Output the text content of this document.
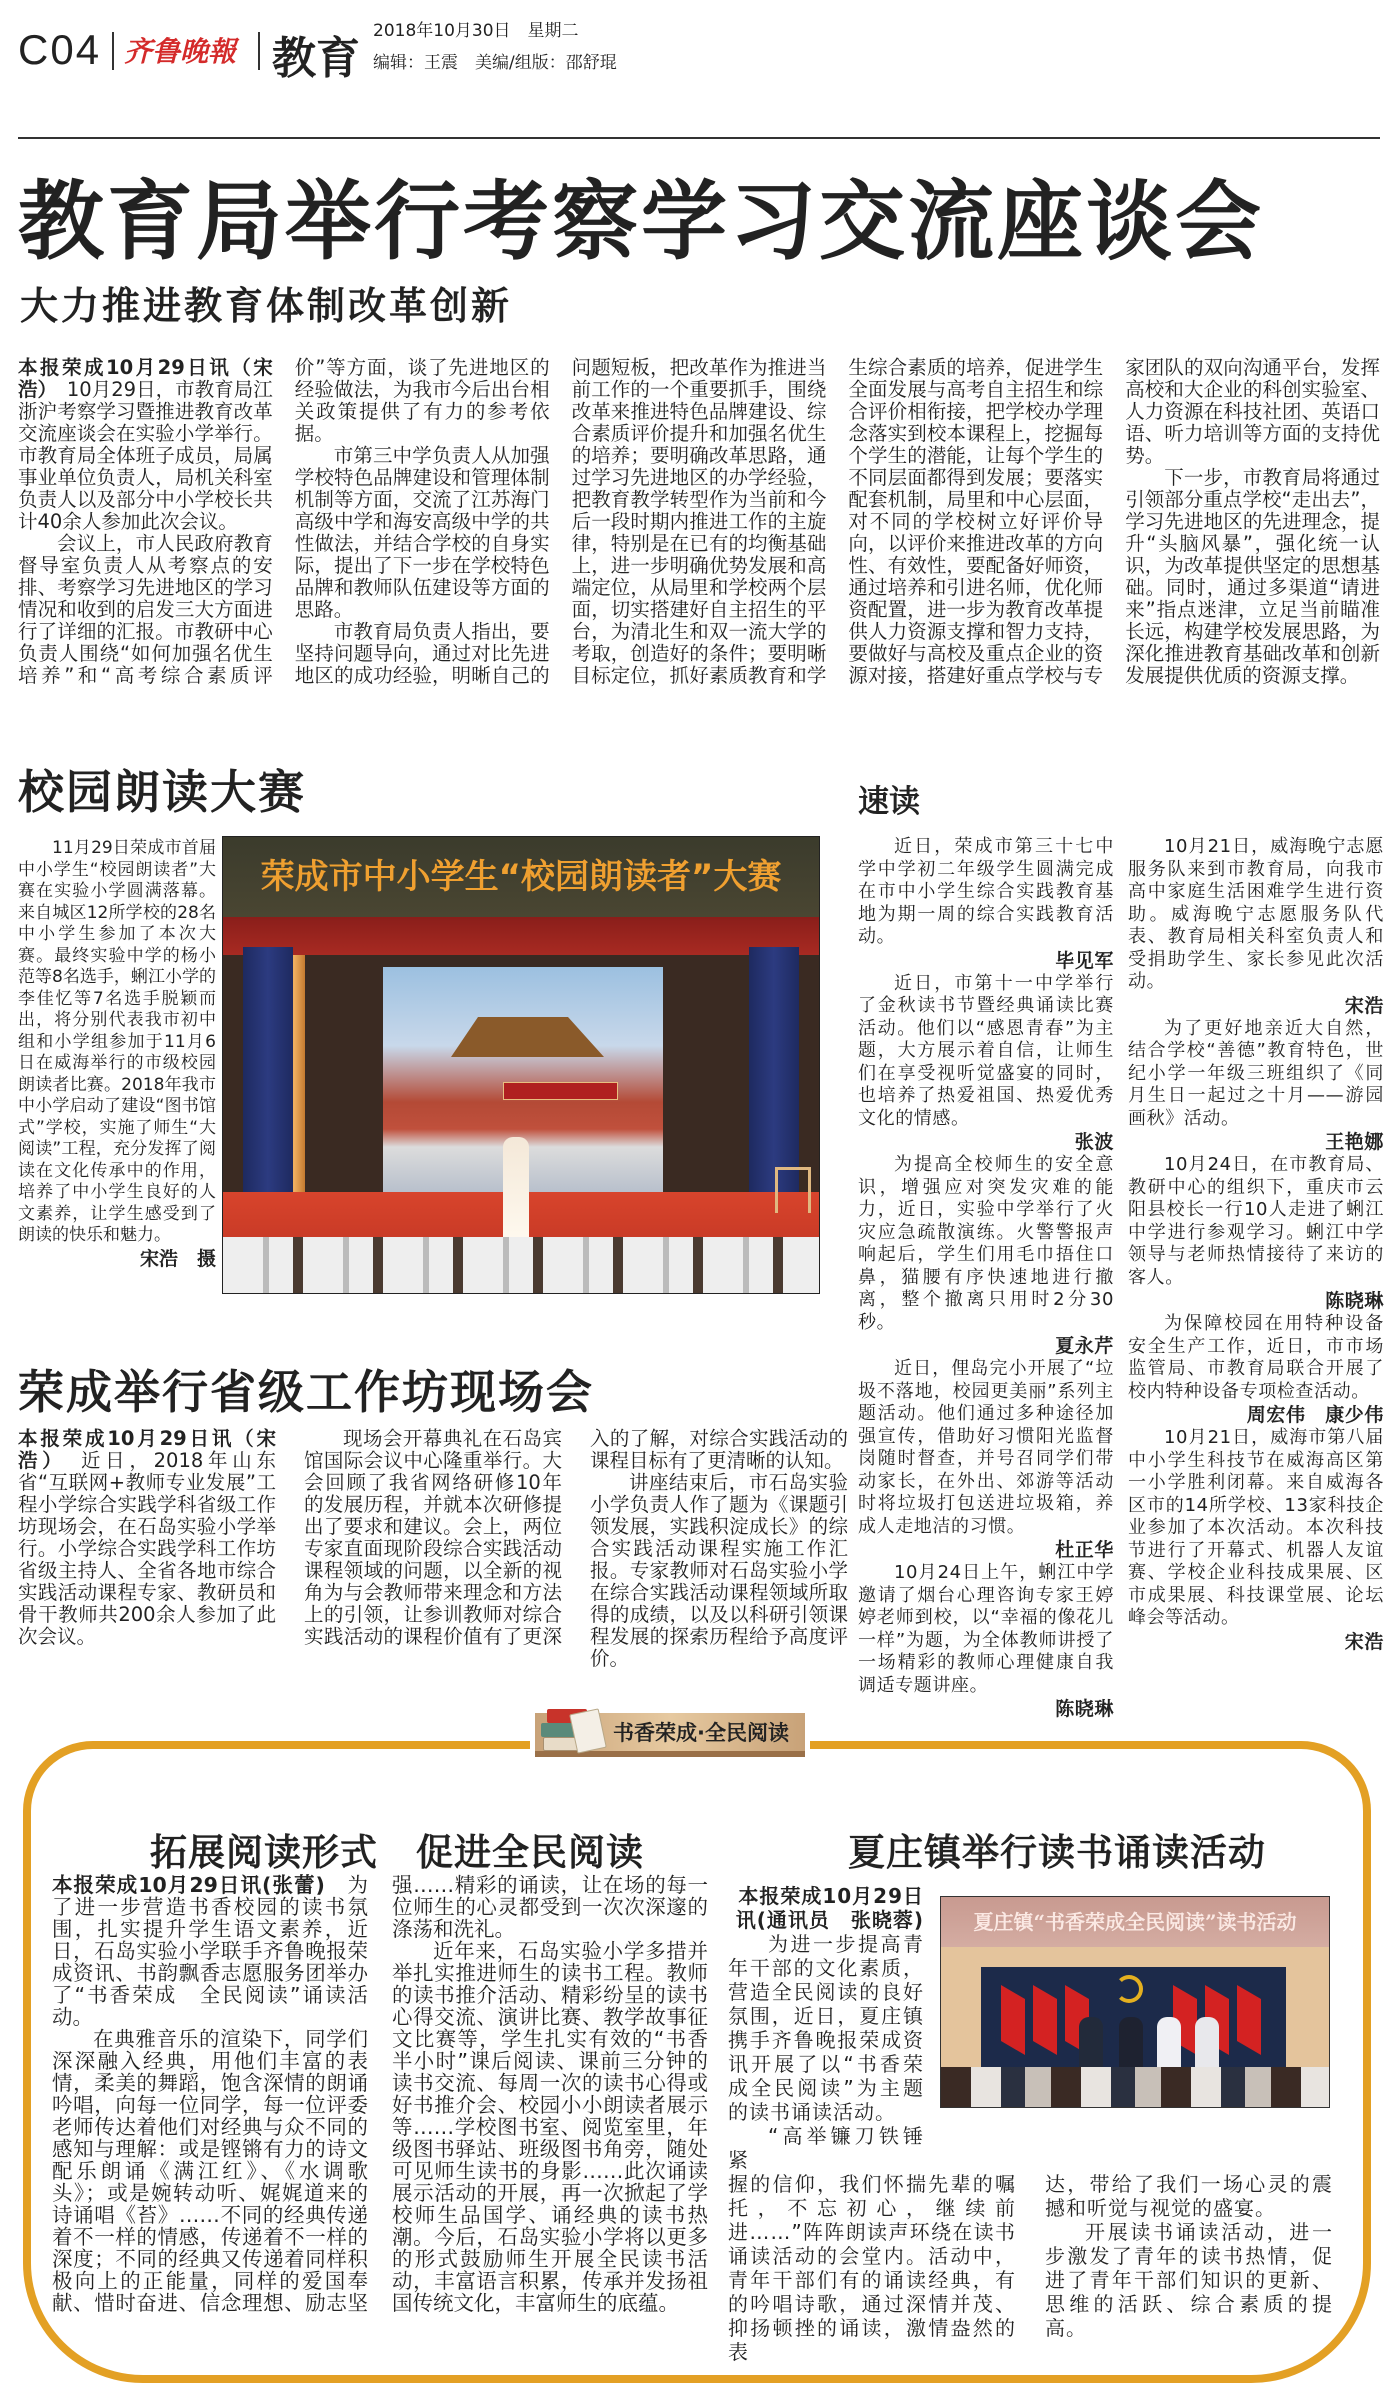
C04 齐鲁晚報 教育
2018年10月30日　星期二
编辑：王震　美编/组版：邵舒琨
教育局举行考察学习交流座谈会
大力推进教育体制改革创新

本报荣成10月29日讯（宋浩）　 10月29日，市教育局江浙沪考察学习暨推进教育改革交流座谈会在实验小学举行。市教育局全体班子成员，局属事业单位负责人，局机关科室负责人以及部分中小学校长共计40余人参加此次会议。

会议上，市人民政府教育督导室负责人从考察点的安排、考察学习先进地区的学习情况和收到的启发三大方面进行了详细的汇报。市教研中心负责人围绕“如何加强名优生培养”和“高考综合素质评价”等方面，谈了先进地区的经验做法，为我市今后出台相关政策提供了有力的参考依据。

市第三中学负责人从加强学校特色品牌建设和管理体制机制等方面，交流了江苏海门高级中学和海安高级中学的共性做法，并结合学校的自身实际，提出了下一步在学校特色品牌和教师队伍建设等方面的思路。

市教育局负责人指出，要坚持问题导向，通过对比先进地区的成功经验，明晰自己的问题短板，把改革作为推进当前工作的一个重要抓手，围绕改革来推进特色品牌建设、综合素质评价提升和加强名优生的培养；要明确改革思路，通过学习先进地区的办学经验，把教育教学转型作为当前和今后一段时期内推进工作的主旋律，特别是在已有的均衡基础上，进一步明确优势发展和高端定位，从局里和学校两个层面，切实搭建好自主招生的平台，为清北生和双一流大学的考取，创造好的条件；要明晰目标定位，抓好素质教育和学生综合素质的培养，促进学生全面发展与高考自主招生和综合评价相衔接，把学校办学理念落实到校本课程上，挖掘每个学生的潜能，让每个学生的不同层面都得到发展；要落实配套机制，局里和中心层面，对不同的学校树立好评价导向，以评价来推进改革的方向性、有效性，要配备好师资，通过培养和引进名师，优化师资配置，进一步为教育改革提供人力资源支撑和智力支持，要做好与高校及重点企业的资源对接，搭建好重点学校与专家团队的双向沟通平台，发挥高校和大企业的科创实验室、人力资源在科技社团、英语口语、听力培训等方面的支持优势。

下一步，市教育局将通过引领部分重点学校“走出去”，学习先进地区的先进理念，提升“头脑风暴”，强化统一认识，为改革提供坚定的思想基础。同时，通过多渠道“请进来”指点迷津，立足当前瞄准长远，构建学校发展思路，为深化推进教育基础改革和创新发展提供优质的资源支撑。

校园朗读大赛

11月29日荣成市首届中小学生“校园朗读者”大赛在实验小学圆满落幕。来自城区12所学校的28名中小学生参加了本次大赛。最终实验中学的杨小范等8名选手，蜊江小学的李佳忆等7名选手脱颖而出，将分别代表我市初中组和小学组参加于11月6日在威海举行的市级校园朗读者比赛。2018年我市中小学启动了建设“图书馆式”学校，实施了师生“大阅读”工程，充分发挥了阅读在文化传承中的作用，培养了中小学生良好的人文素养，让学生感受到了朗读的快乐和魅力。

宋浩　摄
荣成市中小学生“校园朗读者”大赛
速读

近日，荣成市第三十七中学中学初二年级学生圆满完成在市中小学生综合实践教育基地为期一周的综合实践教育活动。

毕见军

近日，市第十一中学举行了金秋读书节暨经典诵读比赛活动。他们以“感恩青春”为主题，大方展示着自信，让师生们在享受视听觉盛宴的同时，也培养了热爱祖国、热爱优秀文化的情感。

张波

为提高全校师生的安全意识，增强应对突发灾难的能力，近日，实验中学举行了火灾应急疏散演练。火警警报声响起后，学生们用毛巾捂住口鼻，猫腰有序快速地进行撤离，整个撤离只用时2分30秒。

夏永芹

近日，俚岛完小开展了“垃圾不落地，校园更美丽”系列主题活动。他们通过多种途径加强宣传，借助好习惯阳光监督岗随时督查，并号召同学们带动家长，在外出、郊游等活动时将垃圾打包送进垃圾箱，养成人走地洁的习惯。

杜正华

10月24日上午，蜊江中学邀请了烟台心理咨询专家王婷婷老师到校，以“幸福的像花儿一样”为题，为全体教师讲授了一场精彩的教师心理健康自我调适专题讲座。

陈晓琳

10月21日，威海晚宁志愿服务队来到市教育局，向我市高中家庭生活困难学生进行资助。威海晚宁志愿服务队代表、教育局相关科室负责人和受捐助学生、家长参见此次活动。

宋浩

为了更好地亲近大自然，结合学校“善德”教育特色，世纪小学一年级三班组织了《同月生日一起过之十月——游园画秋》活动。

王艳娜

10月24日，在市教育局、教研中心的组织下，重庆市云阳县校长一行10人走进了蜊江中学进行参观学习。蜊江中学领导与老师热情接待了来访的客人。

陈晓琳

为保障校园在用特种设备安全生产工作，近日，市市场监管局、市教育局联合开展了校内特种设备专项检查活动。

周宏伟　康少伟

10月21日，威海市第八届中小学生科技节在威海高区第一小学胜利闭幕。来自威海各区市的14所学校、13家科技企业参加了本次活动。本次科技节进行了开幕式、机器人友谊赛、学校企业科技成果展、区市成果展、科技课堂展、论坛峰会等活动。

宋浩
荣成举行省级工作坊现场会

本报荣成10月29日讯（宋浩）　 近日，2018年山东省“互联网+教师专业发展”工程小学综合实践学科省级工作坊现场会，在石岛实验小学举行。小学综合实践学科工作坊省级主持人、全省各地市综合实践活动课程专家、教研员和骨干教师共200余人参加了此次会议。

现场会开幕典礼在石岛宾馆国际会议中心隆重举行。大会回顾了我省网络研修10年的发展历程，并就本次研修提出了要求和建议。会上，两位专家直面现阶段综合实践活动课程领域的问题，以全新的视角为与会教师带来理念和方法上的引领，让参训教师对综合实践活动的课程价值有了更深入的了解，对综合实践活动的课程目标有了更清晰的认知。

讲座结束后，市石岛实验小学负责人作了题为《课题引领发展，实践积淀成长》的综合实践活动课程实施工作汇报。专家教师对石岛实验小学在综合实践活动课程领域所取得的成绩，以及以科研引领课程发展的探索历程给予高度评价。

书香荣成·全民阅读
拓展阅读形式　促进全民阅读

本报荣成10月29日讯(张蕾)　 为了进一步营造书香校园的读书氛围，扎实提升学生语文素养，近日，石岛实验小学联手齐鲁晚报荣成资讯、书韵飘香志愿服务团举办了“书香荣成　全民阅读”诵读活动。

在典雅音乐的渲染下，同学们深深融入经典，用他们丰富的表情，柔美的舞蹈，饱含深情的朗诵吟唱，向每一位同学，每一位评委老师传达着他们对经典与众不同的感知与理解：或是铿锵有力的诗文配乐朗诵《满江红》、《水调歌头》；或是婉转动听、娓娓道来的诗诵唱《苔》……不同的经典传递着不一样的情感，传递着不一样的深度；不同的经典又传递着同样积极向上的正能量，同样的爱国奉献、惜时奋进、信念理想、励志坚强……精彩的诵读，让在场的每一位师生的心灵都受到一次次深邃的涤荡和洗礼。

近年来，石岛实验小学多措并举扎实推进师生的读书工程。教师的读书推介活动、精彩纷呈的读书心得交流、演讲比赛、教学故事征文比赛等，学生扎实有效的“书香半小时”课后阅读、课前三分钟的读书交流、每周一次的读书心得或好书推介会、校园小小朗读者展示等……学校图书室、阅览室里，年级图书驿站、班级图书角旁，随处可见师生读书的身影……此次诵读展示活动的开展，再一次掀起了学校师生品国学、诵经典的读书热潮。今后，石岛实验小学将以更多的形式鼓励师生开展全民读书活动，丰富语言积累，传承并发扬祖国传统文化，丰富师生的底蕴。

夏庄镇举行读书诵读活动
本报荣成10月29日讯(通讯员　张晓蓉)

为进一步提高青年干部的文化素质，营造全民阅读的良好氛围，近日，夏庄镇携手齐鲁晚报荣成资讯开展了以“书香荣成全民阅读”为主题的读书诵读活动。

“高举镰刀铁锤紧

夏庄镇“书香荣成全民阅读”读书活动

握的信仰，我们怀揣先辈的嘱托，不忘初心，继续前进……”阵阵朗读声环绕在读书诵读活动的会堂内。活动中，青年干部们有的诵读经典，有的吟唱诗歌，通过深情并茂、抑扬顿挫的诵读，激情盎然的表

达，带给了我们一场心灵的震撼和听觉与视觉的盛宴。

开展读书诵读活动，进一步激发了青年的读书热情，促进了青年干部们知识的更新、思维的活跃、综合素质的提高。
